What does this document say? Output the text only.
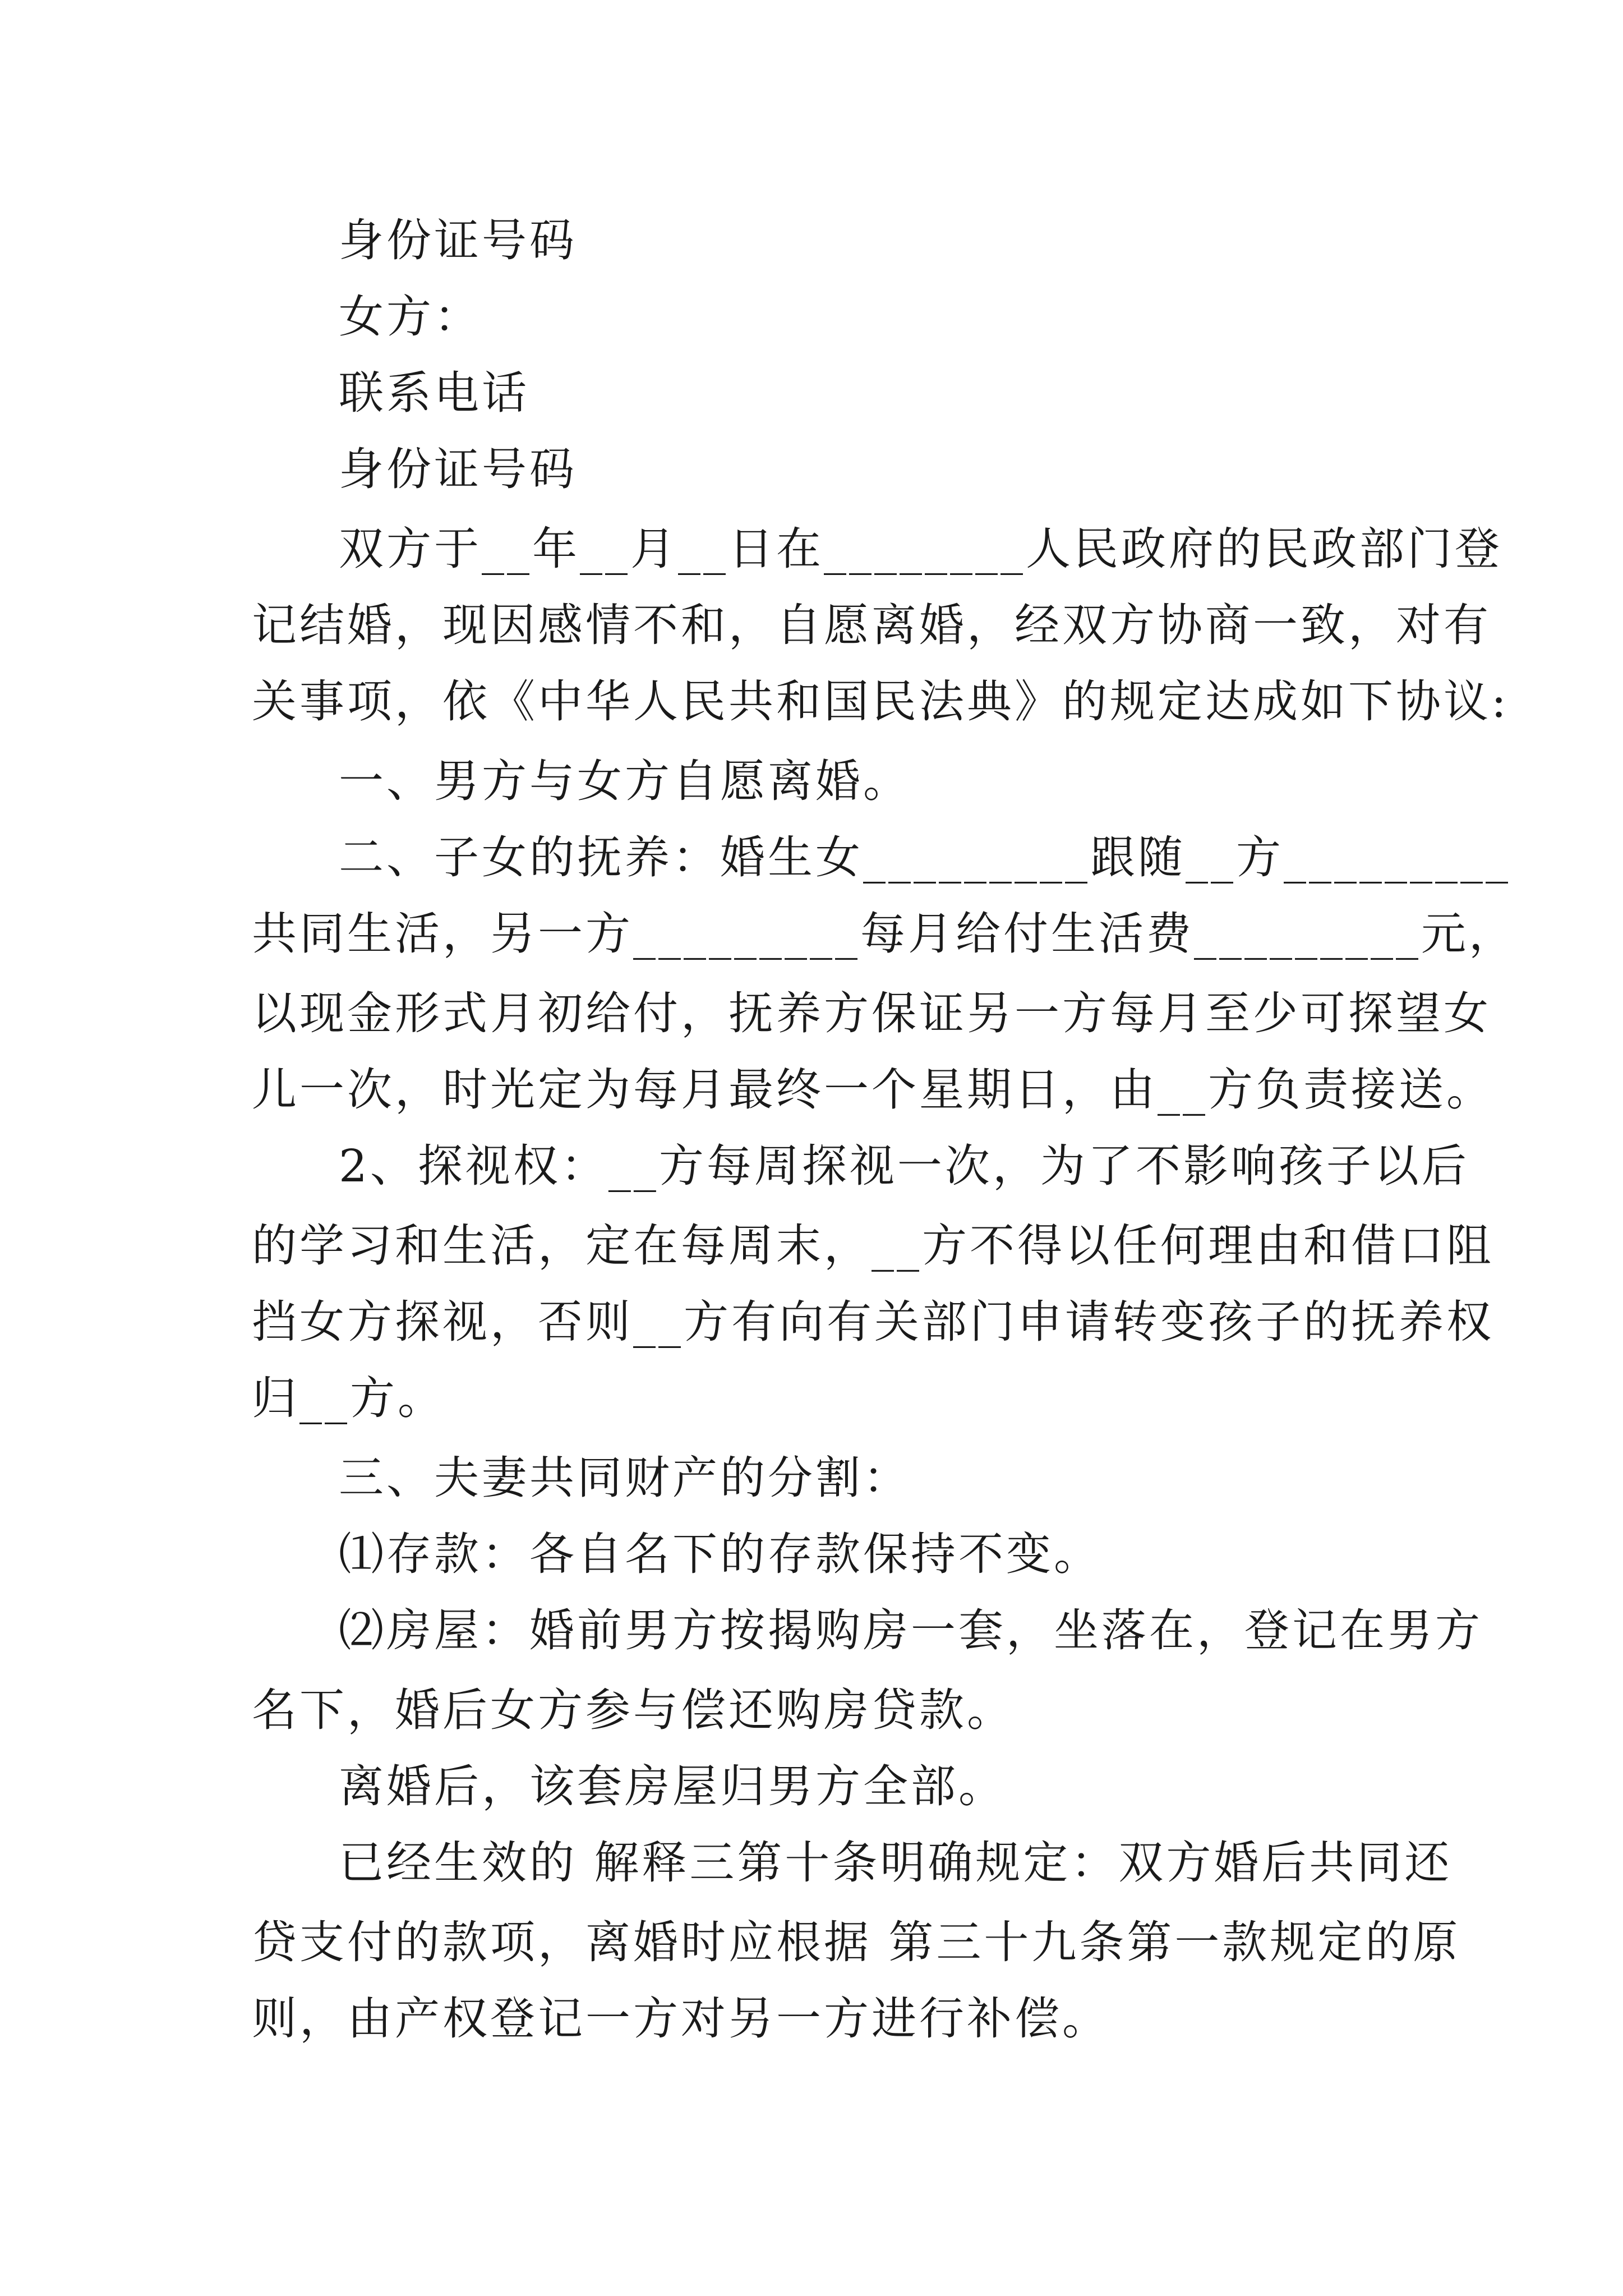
身份证号码
女方：
联系电话
身份证号码
双方于__年__月__日在________人民政府的民政部门登
记结婚，现因感情不和，自愿离婚，经双方协商一致，对有
关事项，依《中华人民共和国民法典》的规定达成如下协议:
一、男方与女方自愿离婚。
二、子女的抚养：婚生女_________跟随__方_________
共同生活，另一方_________每月给付生活费_________元，
以现金形式月初给付，抚养方保证另一方每月至少可探望女
儿一次，时光定为每月最终一个星期日，由__方负责接送。
2、探视权：__方每周探视一次，为了不影响孩子以后
的学习和生活，定在每周末，__方不得以任何理由和借口阻
挡女方探视，否则__方有向有关部门申请转变孩子的抚养权
归__方。
三、夫妻共同财产的分割：
⑴存款：各自名下的存款保持不变。
⑵房屋：婚前男方按揭购房一套，坐落在，登记在男方
名下，婚后女方参与偿还购房贷款。
离婚后，该套房屋归男方全部。
已经生效的 解释三第十条明确规定：双方婚后共同还
贷支付的款项，离婚时应根据 第三十九条第一款规定的原
则，由产权登记一方对另一方进行补偿。
